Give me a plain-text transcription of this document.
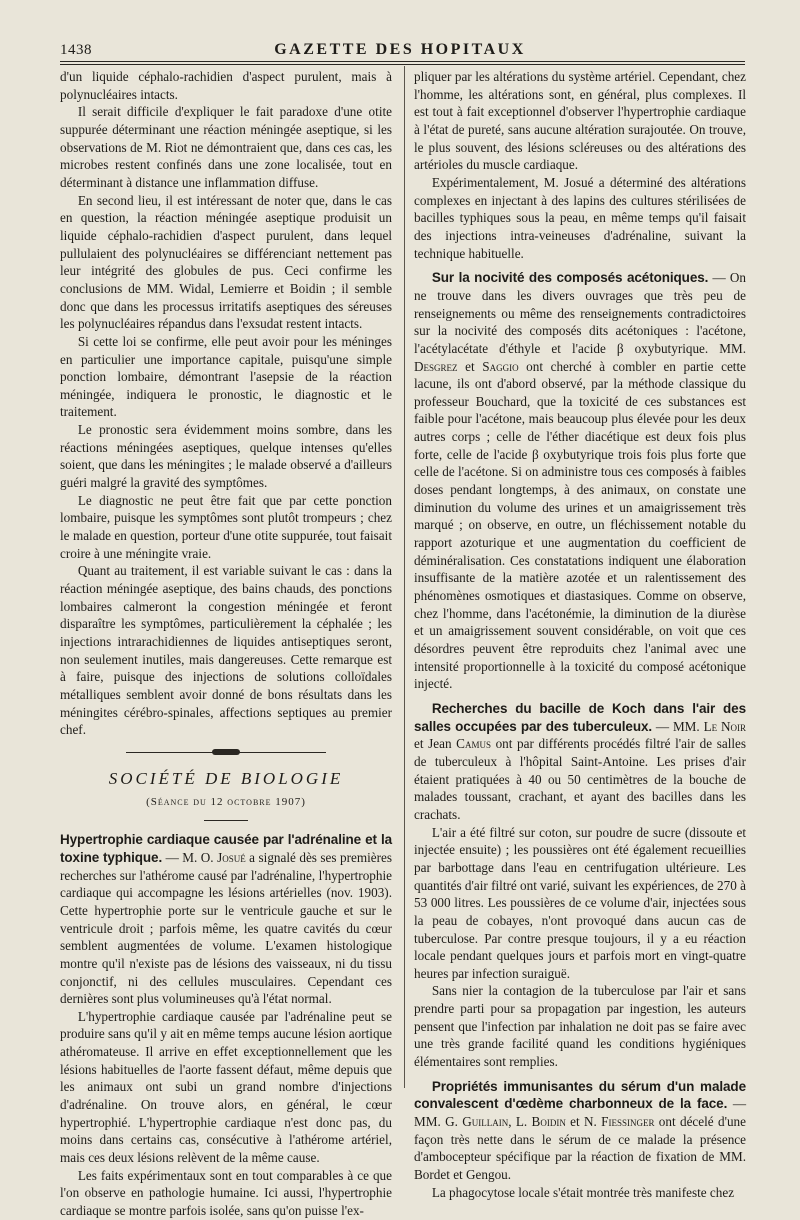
1438	GAZETTE DES HOPITAUX

d'un liquide céphalo-rachidien d'aspect purulent, mais à polynucléaires intacts.

Il serait difficile d'expliquer le fait paradoxe d'une otite suppurée déterminant une réaction méningée aseptique, si les observations de M. Riot ne démontraient que, dans ces cas, les microbes restent confinés dans une zone localisée, tout en déterminant à distance une inflammation diffuse.

En second lieu, il est intéressant de noter que, dans le cas en question, la réaction méningée aseptique produisit un liquide céphalo-rachidien d'aspect purulent, dans lequel pullulaient des polynucléaires se différenciant nettement pas leur intégrité des globules de pus. Ceci confirme les conclusions de MM. Widal, Lemierre et Boidin ; il semble donc que dans les processus irritatifs aseptiques des séreuses les polynucléaires répandus dans l'exsudat restent intacts.

Si cette loi se confirme, elle peut avoir pour les méninges en particulier une importance capitale, puisqu'une simple ponction lombaire, démontrant l'asepsie de la réaction méningée, indiquera le pronostic, le diagnostic et le traitement.

Le pronostic sera évidemment moins sombre, dans les réactions méningées aseptiques, quelque intenses qu'elles soient, que dans les méningites ; le malade observé a d'ailleurs guéri malgré la gravité des symptômes.

Le diagnostic ne peut être fait que par cette ponction lombaire, puisque les symptômes sont plutôt trompeurs ; chez le malade en question, porteur d'une otite suppurée, tout faisait croire à une méningite vraie.

Quant au traitement, il est variable suivant le cas : dans la réaction méningée aseptique, des bains chauds, des ponctions lombaires calmeront la congestion méningée et feront disparaître les symptômes, particulièrement la céphalée ; les injections intrarachidiennes de liquides antiseptiques seront, non seulement inutiles, mais dangereuses. Cette remarque est à faire, puisque des injections de solutions colloïdales métalliques semblent avoir donné de bons résultats dans les méningites cérébro-spinales, affections septiques au premier chef.

SOCIÉTÉ DE BIOLOGIE
(Séance du 12 octobre 1907)

Hypertrophie cardiaque causée par l'adrénaline et la toxine typhique. — M. O. Josué a signalé dès ses premières recherches sur l'athérome causé par l'adrénaline, l'hypertrophie cardiaque qui accompagne les lésions artérielles (nov. 1903). Cette hypertrophie porte sur le ventricule gauche et sur le ventricule droit ; parfois même, les quatre cavités du cœur semblent augmentées de volume. L'examen histologique montre qu'il n'existe pas de lésions des vaisseaux, ni du tissu conjonctif, ni des cellules musculaires. Cependant ces dernières sont plus volumineuses qu'à l'état normal.

L'hypertrophie cardiaque causée par l'adrénaline peut se produire sans qu'il y ait en même temps aucune lésion aortique athéromateuse. Il arrive en effet exceptionnellement que les lésions habituelles de l'aorte fassent défaut, même depuis que les animaux ont subi un grand nombre d'injections d'adrénaline. On trouve alors, en général, le cœur hypertrophié. L'hypertrophie cardiaque n'est donc pas, du moins dans certains cas, consécutive à l'athérome artériel, mais ces deux lésions relèvent de la même cause.

Les faits expérimentaux sont en tout comparables à ce que l'on observe en pathologie humaine. Ici aussi, l'hypertrophie cardiaque se montre parfois isolée, sans qu'on puisse l'ex-

pliquer par les altérations du système artériel. Cependant, chez l'homme, les altérations sont, en général, plus complexes. Il est tout à fait exceptionnel d'observer l'hypertrophie cardiaque à l'état de pureté, sans aucune altération surajoutée. On trouve, le plus souvent, des lésions scléreuses ou des altérations des artérioles du muscle cardiaque.

Expérimentalement, M. Josué a déterminé des altérations complexes en injectant à des lapins des cultures stérilisées de bacilles typhiques sous la peau, en même temps qu'il faisait des injections intra-veineuses d'adrénaline, suivant la technique habituelle.

Sur la nocivité des composés acétoniques. — On ne trouve dans les divers ouvrages que très peu de renseignements ou même des renseignements contradictoires sur la nocivité des composés dits acétoniques : l'acétone, l'acétylacétate d'éthyle et l'acide β oxybutyrique. MM. Desgrez et Saggio ont cherché à combler en partie cette lacune, ils ont d'abord observé, par la méthode classique du professeur Bouchard, que la toxicité de ces substances est faible pour l'acétone, mais beaucoup plus élevée pour les deux autres corps ; celle de l'éther diacétique est deux fois plus forte, celle de l'acide β oxybutyrique trois fois plus forte que celle de l'acétone. Si on administre tous ces composés à faibles doses pendant longtemps, à des animaux, on constate une diminution du volume des urines et un amaigrissement très marqué ; on observe, en outre, un fléchissement notable du rapport azoturique et une augmentation du coefficient de déminéralisation. Ces constatations indiquent une élaboration insuffisante de la matière azotée et un ralentissement des phénomènes osmotiques et diastasiques. Comme on observe, chez l'homme, dans l'acétonémie, la diminution de la diurèse et un amaigrissement souvent considérable, on voit que ces désordres peuvent être reproduits chez l'animal avec une intensité proportionnelle à la toxicité du composé acétonique injecté.

Recherches du bacille de Koch dans l'air des salles occupées par des tuberculeux. — MM. Le Noir et Jean Camus ont par différents procédés filtré l'air de salles de tuberculeux à l'hôpital Saint-Antoine. Les prises d'air étaient pratiquées à 40 ou 50 centimètres de la bouche de malades toussant, crachant, et ayant des bacilles dans les crachats.

L'air a été filtré sur coton, sur poudre de sucre (dissoute et injectée ensuite) ; les poussières ont été également recueillies par barbottage dans l'eau en centrifugation ultérieure. Les quantités d'air filtré ont varié, suivant les expériences, de 270 à 53 000 litres. Les poussières de ce volume d'air, injectées sous la peau de cobayes, n'ont provoqué dans aucun cas de tuberculose. Par contre presque toujours, il y a eu réaction locale pendant quelques jours et parfois mort en vingt-quatre heures par infection suraiguë.

Sans nier la contagion de la tuberculose par l'air et sans prendre parti pour sa propagation par ingestion, les auteurs pensent que l'infection par inhalation ne doit pas se faire avec une très grande facilité quand les conditions hygiéniques élémentaires sont remplies.

Propriétés immunisantes du sérum d'un malade convalescent d'œdème charbonneux de la face. — MM. G. Guillain, L. Boidin et N. Fiessinger ont décelé d'une façon très nette dans le sérum de ce malade la présence d'ambocepteur spécifique par la réaction de fixation de MM. Bordet et Gengou.

La phagocytose locale s'était montrée très manifeste chez
